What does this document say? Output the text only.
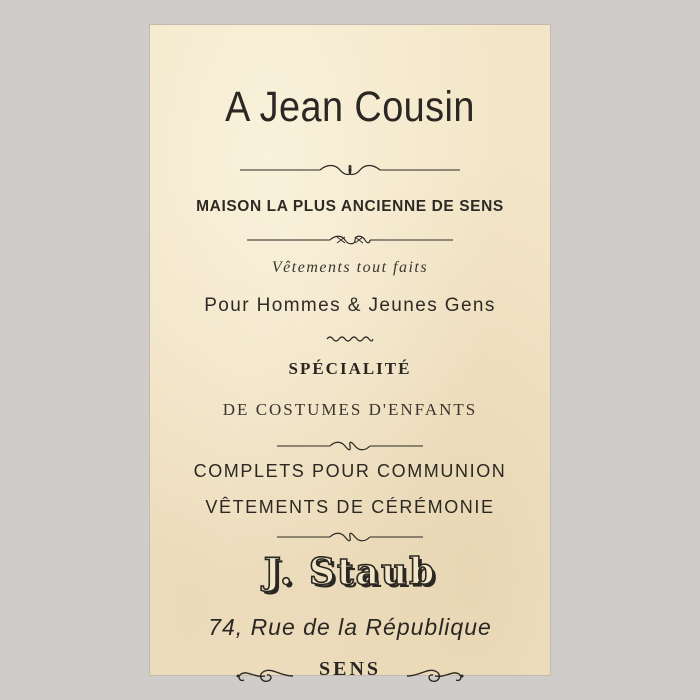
A Jean Cousin
MAISON LA PLUS ANCIENNE DE SENS
Vêtements tout faits
Pour Hommes & Jeunes Gens
SPÉCIALITÉ
DE COSTUMES D'ENFANTS
COMPLETS POUR COMMUNION
VÊTEMENTS DE CÉRÉMONIE
J. Staub
74, Rue de la République
SENS
